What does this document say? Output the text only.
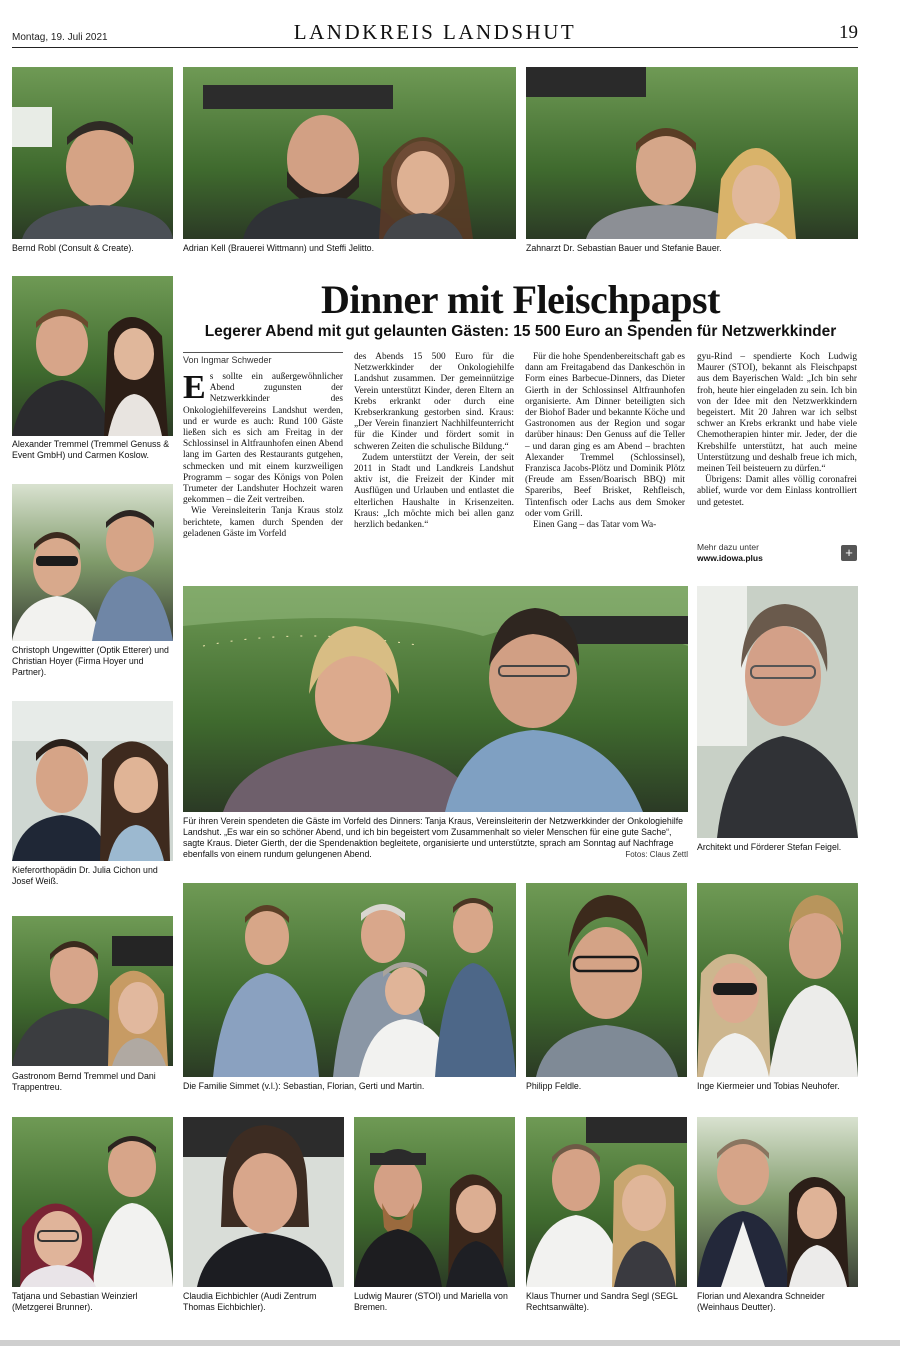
Montag, 19. Juli 2021	LANDKREIS LANDSHUT	19
Bernd Robl (Consult & Create).	Adrian Kell (Brauerei Wittmann) und Steffi Jelitto.	Zahnarzt Dr. Sebastian Bauer und Stefanie Bauer.
Alexander Tremmel (Tremmel Genuss & Event GmbH) und Carmen Koslow.
Christoph Ungewitter (Optik Etterer) und Christian Hoyer (Firma Hoyer und Partner).
Kieferorthopädin Dr. Julia Cichon und Josef Weiß.
Dinner mit Fleischpapst
Legerer Abend mit gut gelaunten Gästen: 15 500 Euro an Spenden für Netzwerkkinder
Von Ingmar Schweder

Es sollte ein außergewöhnlicher Abend zugunsten der Netzwerkkinder des Onkologiehilfevereins Landshut werden, und er wurde es auch: Rund 100 Gäste ließen sich es sich am Freitag in der Schlossinsel in Altfraunhofen einen Abend lang im Garten des Restaurants gutgehen, schmecken und mit einem kurzweiligen Programm – sogar des Königs von Polen Trumeter der Landshuter Hochzeit waren gekommen – die Zeit vertreiben.

Wie Vereinsleiterin Tanja Kraus stolz berichtete, kamen durch Spenden der geladenen Gäste im Vorfeld

des Abends 15 500 Euro für die Netzwerkkinder der Onkologiehilfe Landshut zusammen. Der gemeinnützige Verein unterstützt Kinder, deren Eltern an Krebs erkrankt oder durch eine Krebserkrankung gestorben sind. Kraus: „Der Verein finanziert Nachhilfeunterricht für die Kinder und fördert somit in schweren Zeiten die schulische Bildung.“

Zudem unterstützt der Verein, der seit 2011 in Stadt und Landkreis Landshut aktiv ist, die Freizeit der Kinder mit Ausflügen und Urlauben und entlastet die elterlichen Haushalte in Krisenzeiten. Kraus: „Ich möchte mich bei allen ganz herzlich bedanken.“

Für die hohe Spendenbereitschaft gab es dann am Freitagabend das Dankeschön in Form eines Barbecue-Dinners, das Dieter Gierth in der Schlossinsel Altfraunhofen organisierte. Am Dinner beteiligten sich der Biohof Bader und bekannte Köche und Gastronomen aus der Region und sogar darüber hinaus: Den Genuss auf die Teller – und daran ging es am Abend – brachten Alexander Tremmel (Schlossinsel), Franzisca Jacobs-Plötz und Dominik Plötz (Freude am Essen/Boarisch BBQ) mit Spareribs, Beef Brisket, Rehfleisch, Tintenfisch oder Lachs aus dem Smoker oder vom Grill.

Einen Gang – das Tatar vom Wa-

gyu-Rind – spendierte Koch Ludwig Maurer (STOI), bekannt als Fleischpapst aus dem Bayerischen Wald: „Ich bin sehr froh, heute hier eingeladen zu sein. Ich bin von der Idee mit den Netzwerkkindern begeistert. Mit 20 Jahren war ich selbst schwer an Krebs erkrankt und habe viele Chemotherapien hinter mir. Jeder, der die Krebshilfe unterstützt, hat auch meine Unterstützung und deshalb freue ich mich, meinen Teil beisteuern zu dürfen.“

Übrigens: Damit alles völlig coronafrei ablief, wurde vor dem Einlass kontrolliert und getestet.

Mehr dazu unter
www.idowa.plus	+
Für ihren Verein spendeten die Gäste im Vorfeld des Dinners: Tanja Kraus, Vereinsleiterin der Netzwerkkinder der Onkologiehilfe Landshut. „Es war ein so schöner Abend, und ich bin begeistert vom Zusammenhalt so vieler Menschen für eine gute Sache“, sagte Kraus. Dieter Gierth, der die Spendenaktion begleitete, organisierte und unterstützte, sprach am Sonntag auf Nachfrage ebenfalls von einem rundum gelungenen Abend.	Fotos: Claus Zettl
Architekt und Förderer Stefan Feigel.
Gastronom Bernd Tremmel und Dani Trappentreu.	Die Familie Simmet (v.l.): Sebastian, Florian, Gerti und Martin.	Philipp Feldle.	Inge Kiermeier und Tobias Neuhofer.
Tatjana und Sebastian Weinzierl (Metzgerei Brunner).
Claudia Eichbichler (Audi Zentrum Thomas Eichbichler).
Ludwig Maurer (STOI) und Mariella von Bremen.
Klaus Thurner und Sandra Segl (SEGL Rechtsanwälte).
Florian und Alexandra Schneider (Weinhaus Deutter).
